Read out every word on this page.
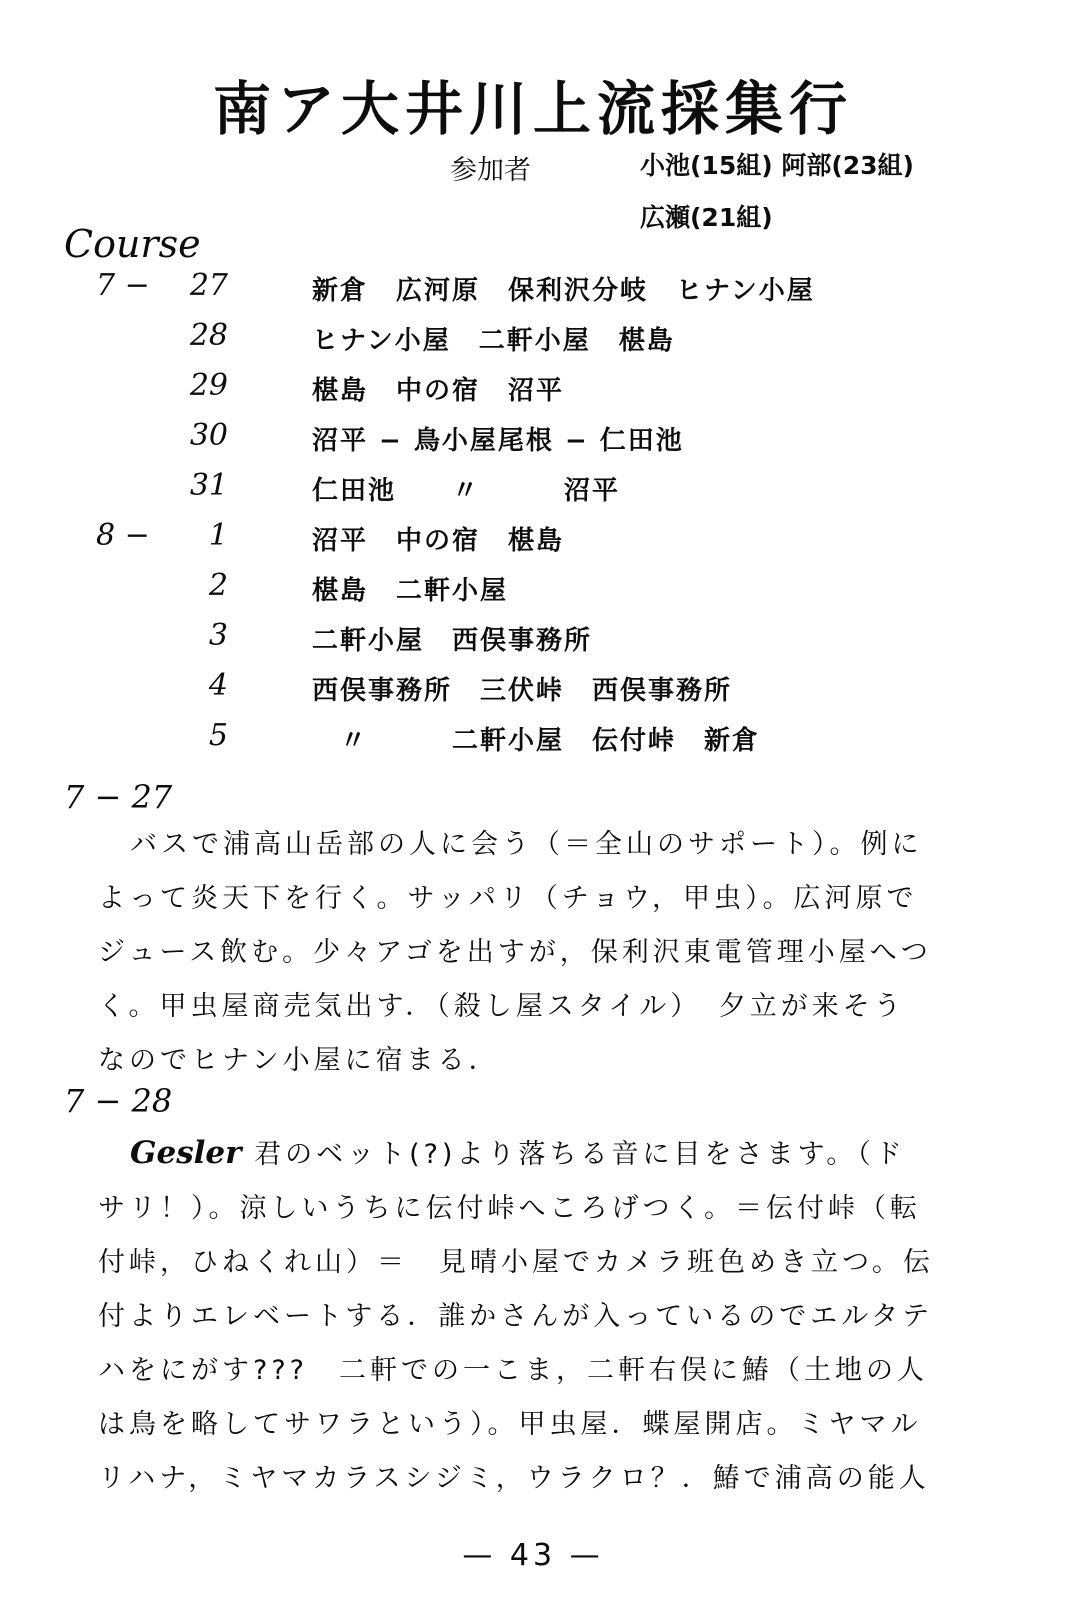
南ア大井川上流採集行
参加者	小池(15組) 阿部(23組)
広瀬(21組)
Course
7 − 27	新倉　広河原　保利沢分岐　ヒナン小屋
28	ヒナン小屋　二軒小屋　椹島
29	椹島　中の宿　沼平
30	沼平 − 鳥小屋尾根 − 仁田池
31	仁田池　　〃　　　沼平
8 − 1	沼平　中の宿　椹島
2	椹島　二軒小屋
3	二軒小屋　西俣事務所
4	西俣事務所　三伏峠　西俣事務所
5	　〃　　　二軒小屋　伝付峠　新倉
7 − 27
バスで浦高山岳部の人に会う（＝全山のサポート）。例に
よって炎天下を行く。サッパリ（チョウ，甲虫）。広河原で
ジュース飲む。少々アゴを出すが，保利沢東電管理小屋へつ
く。甲虫屋商売気出す．（殺し屋スタイル）　夕立が来そう
なのでヒナン小屋に宿まる．
7 − 28
Gesler 君のベット(?)より落ちる音に目をさます。（ド
サリ！）。涼しいうちに伝付峠へころげつく。＝伝付峠（転
付峠，ひねくれ山）＝　見晴小屋でカメラ班色めき立つ。伝
付よりエレベートする．誰かさんが入っているのでエルタテ
ハをにがす???　二軒での一こま，二軒右俣に鰆（土地の人
は鳥を略してサワラという）。甲虫屋．蝶屋開店。ミヤマル
リハナ，ミヤマカラスシジミ，ウラクロ？．鰆で浦高の能人
— 43 —
